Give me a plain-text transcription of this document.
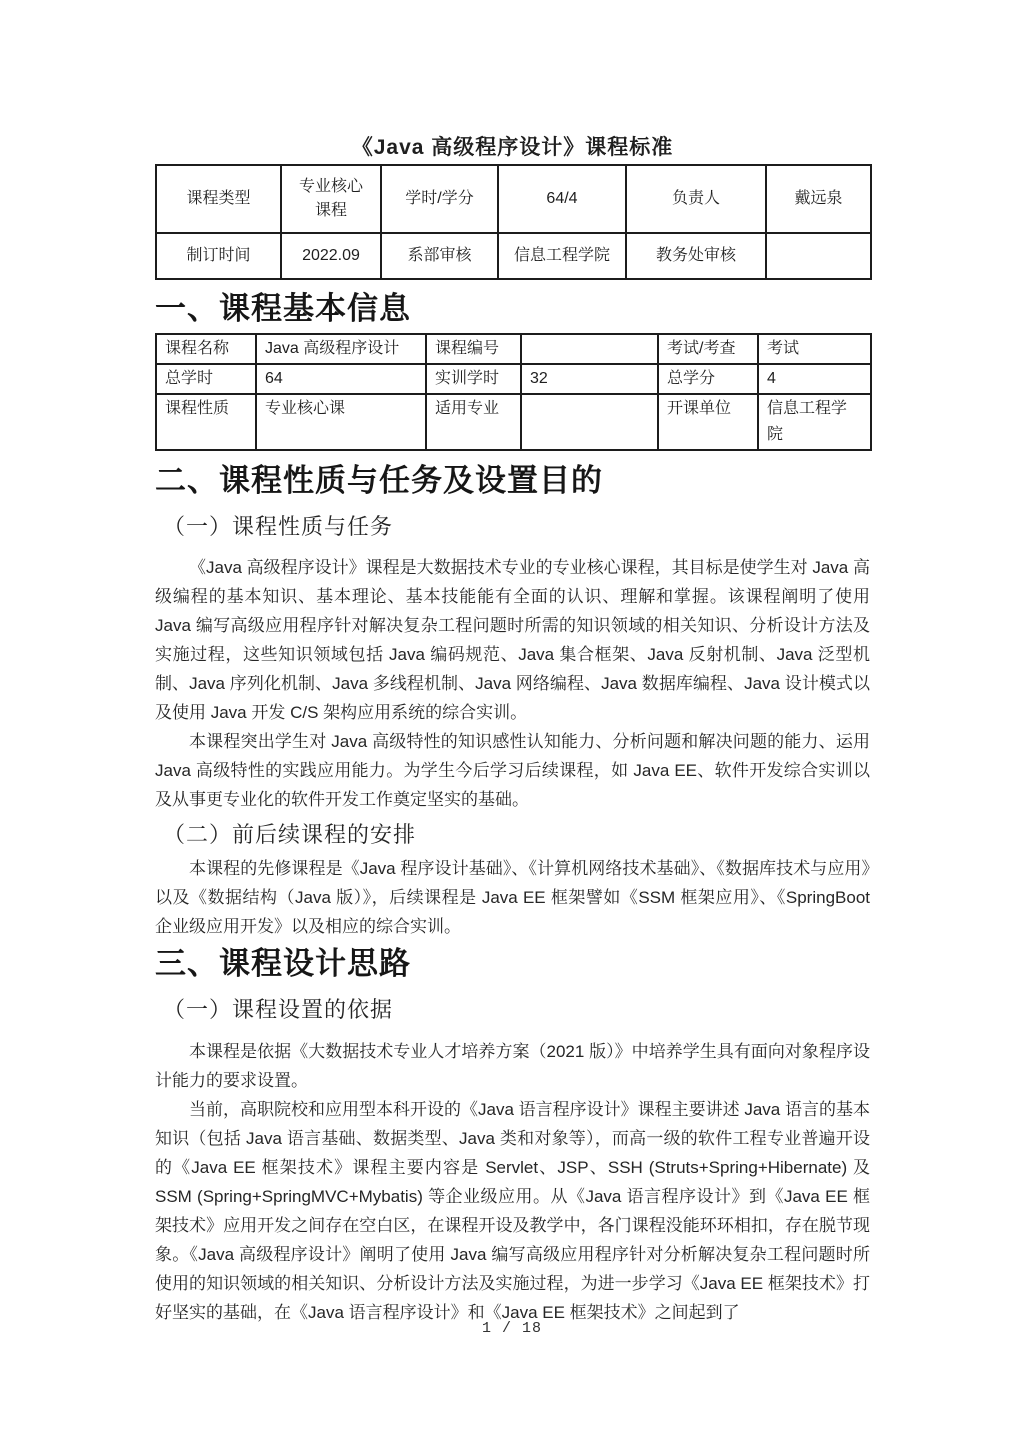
《Java 高级程序设计》课程标准
课程类型	专业核心课程	学时/学分	64/4	负责人	戴远泉
制订时间	2022.09	系部审核	信息工程学院	教务处审核	
一、课程基本信息
课程名称	Java 高级程序设计	课程编号		考试/考查	考试
总学时	64	实训学时	32	总学分	4
课程性质	专业核心课	适用专业		开课单位	信息工程学院
二、课程性质与任务及设置目的
（一）课程性质与任务

《Java 高级程序设计》课程是大数据技术专业的专业核心课程，其目标是使学生对 Java 高级编程的基本知识、基本理论、基本技能能有全面的认识、理解和掌握。该课程阐明了使用 Java 编写高级应用程序针对解决复杂工程问题时所需的知识领域的相关知识、分析设计方法及实施过程，这些知识领域包括 Java 编码规范、Java 集合框架、Java 反射机制、Java 泛型机制、Java 序列化机制、Java 多线程机制、Java 网络编程、Java 数据库编程、Java 设计模式以及使用 Java 开发 C/S 架构应用系统的综合实训。

本课程突出学生对 Java 高级特性的知识感性认知能力、分析问题和解决问题的能力、运用 Java 高级特性的实践应用能力。为学生今后学习后续课程，如 Java EE、软件开发综合实训以及从事更专业化的软件开发工作奠定坚实的基础。

（二）前后续课程的安排

本课程的先修课程是《Java 程序设计基础》、《计算机网络技术基础》、《数据库技术与应用》以及《数据结构（Java 版）》，后续课程是 Java EE 框架譬如《SSM 框架应用》、《SpringBoot 企业级应用开发》以及相应的综合实训。

三、课程设计思路
（一）课程设置的依据

本课程是依据《大数据技术专业人才培养方案（2021 版）》中培养学生具有面向对象程序设计能力的要求设置。

当前，高职院校和应用型本科开设的《Java 语言程序设计》课程主要讲述 Java 语言的基本知识（包括 Java 语言基础、数据类型、Java 类和对象等），而高一级的软件工程专业普遍开设的《Java EE 框架技术》课程主要内容是 Servlet、JSP、SSH (Struts+Spring+Hibernate) 及 SSM (Spring+SpringMVC+Mybatis) 等企业级应用。从《Java 语言程序设计》到《Java EE 框架技术》应用开发之间存在空白区，在课程开设及教学中，各门课程没能环环相扣，存在脱节现象。《Java 高级程序设计》阐明了使用 Java 编写高级应用程序针对分析解决复杂工程问题时所使用的知识领域的相关知识、分析设计方法及实施过程，为进一步学习《Java EE 框架技术》打好坚实的基础，在《Java 语言程序设计》和《Java EE 框架技术》之间起到了

1 / 18
